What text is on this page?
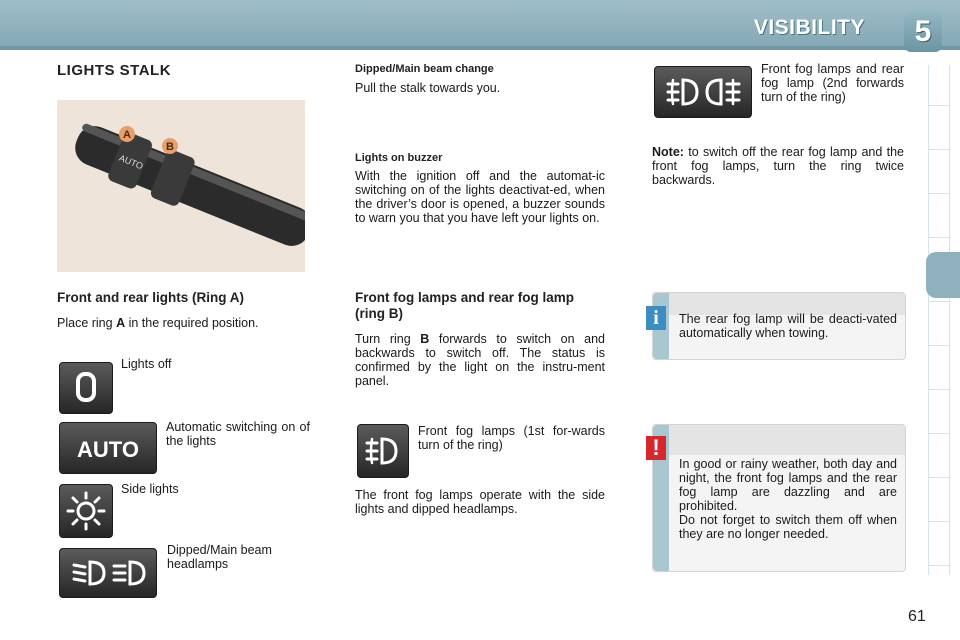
VISIBILITY	5
LIGHTS STALK
AUTO
A
B
Front and rear lights (Ring A)
Place ring A in the required position.
Lights off
AUTO
Automatic switching on of the lights
Side lights
Dipped/Main beam headlamps
Dipped/Main beam change
Pull the stalk towards you.
Lights on buzzer
With the ignition off and the automat-ic switching on of the lights deactivat-ed, when the driver’s door is opened, a buzzer sounds to warn you that you have left your lights on.
Front fog lamps and rear fog lamp (ring B)
Turn ring B forwards to switch on and backwards to switch off. The status is confirmed by the light on the instru-ment panel.
Front fog lamps (1st for-wards turn of the ring)
The front fog lamps operate with the side lights and dipped headlamps.
Front fog lamps and rear fog lamp (2nd forwards turn of the ring)
Note: to switch off the rear fog lamp and the front fog lamps, turn the ring twice backwards.
i	The rear fog lamp will be deacti-vated automatically when towing.
!
In good or rainy weather, both day and night, the front fog lamps and the rear fog lamp are dazzling and are prohibited.
Do not forget to switch them off when they are no longer needed.
61
